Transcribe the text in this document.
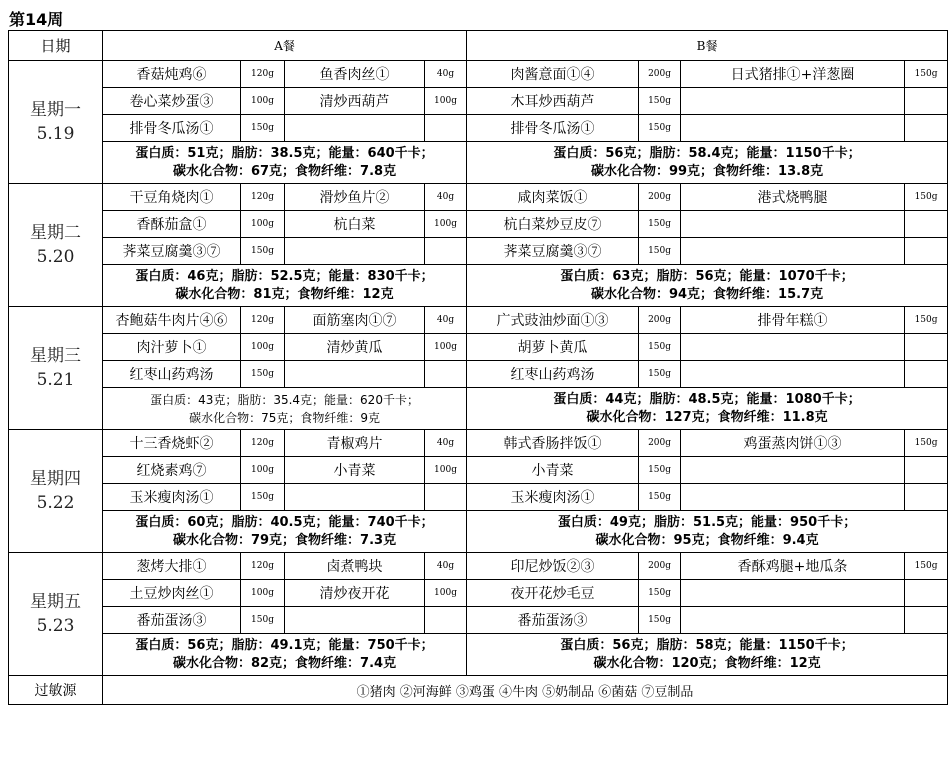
第14周
日期	A餐				B餐			
星期一
5.19	香菇炖鸡⑥	120g	鱼香肉丝①	40g	肉酱意面①④	200g	日式猪排①+洋葱圈	150g
	卷心菜炒蛋③	100g	清炒西葫芦	100g	木耳炒西葫芦	150g		
	排骨冬瓜汤①	150g			排骨冬瓜汤①	150g		

	蛋白质：51克；脂肪：38.5克；能量：640千卡；
碳水化合物：67克；食物纤维：7.8克				蛋白质：56克；脂肪：58.4克；能量：1150千卡；
碳水化合物：99克；食物纤维：13.8克			

星期二
5.20	干豆角烧肉①	120g	滑炒鱼片②	40g	咸肉菜饭①	200g	港式烧鸭腿	150g
	香酥茄盒①	100g	杭白菜	100g	杭白菜炒豆皮⑦	150g		
	荠菜豆腐羹③⑦	150g			荠菜豆腐羹③⑦	150g		

	蛋白质：46克；脂肪：52.5克；能量：830千卡；
碳水化合物：81克；食物纤维：12克				蛋白质：63克；脂肪：56克；能量：1070千卡；
碳水化合物：94克；食物纤维：15.7克			

星期三
5.21	杏鲍菇牛肉片④⑥	120g	面筋塞肉①⑦	40g	广式豉油炒面①③	200g	排骨年糕①	150g
	肉汁萝卜①	100g	清炒黄瓜	100g	胡萝卜黄瓜	150g		
	红枣山药鸡汤	150g			红枣山药鸡汤	150g		

	蛋白质：43克；脂肪：35.4克；能量：620千卡；
碳水化合物：75克；食物纤维：9克				蛋白质：44克；脂肪：48.5克；能量：1080千卡；
碳水化合物：127克；食物纤维：11.8克			

星期四
5.22	十三香烧虾②	120g	青椒鸡片	40g	韩式香肠拌饭①	200g	鸡蛋蒸肉饼①③	150g
	红烧素鸡⑦	100g	小青菜	100g	小青菜	150g		
	玉米瘦肉汤①	150g			玉米瘦肉汤①	150g		

	蛋白质：60克；脂肪：40.5克；能量：740千卡；
碳水化合物：79克；食物纤维：7.3克				蛋白质：49克；脂肪：51.5克；能量：950千卡；
碳水化合物：95克；食物纤维：9.4克			

星期五
5.23	葱烤大排①	120g	卤煮鸭块	40g	印尼炒饭②③	200g	香酥鸡腿+地瓜条	150g
	土豆炒肉丝①	100g	清炒夜开花	100g	夜开花炒毛豆	150g		
	番茄蛋汤③	150g			番茄蛋汤③	150g		

	蛋白质：56克；脂肪：49.1克；能量：750千卡；
碳水化合物：82克；食物纤维：7.4克				蛋白质：56克；脂肪：58克；能量：1150千卡；
碳水化合物：120克；食物纤维：12克			

过敏源	①猪肉 ②河海鲜 ③鸡蛋 ④牛肉 ⑤奶制品 ⑥菌菇 ⑦豆制品							
